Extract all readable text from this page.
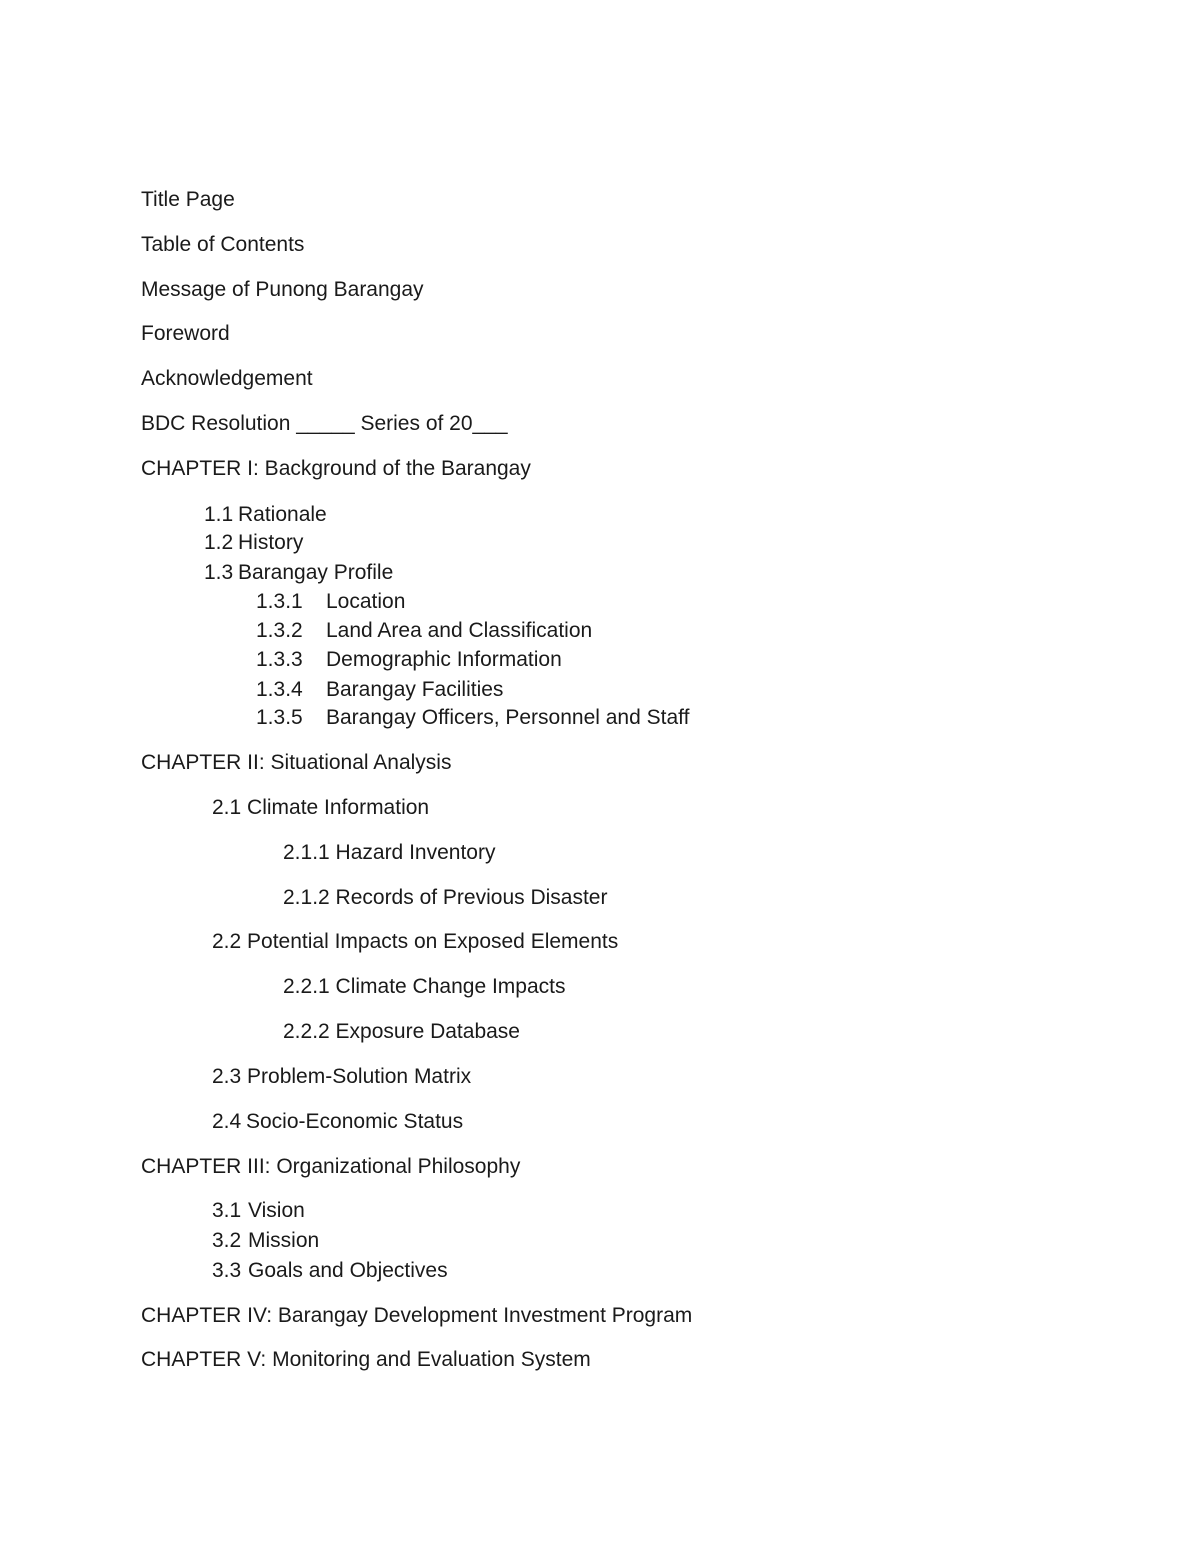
Title Page
Table of Contents
Message of Punong Barangay
Foreword
Acknowledgement
BDC Resolution _____ Series of 20___
CHAPTER I: Background of the Barangay
1.1 Rationale
1.2 History
1.3 Barangay Profile
1.3.1 Location
1.3.2 Land Area and Classification
1.3.3 Demographic Information
1.3.4 Barangay Facilities
1.3.5 Barangay Officers, Personnel and Staff
CHAPTER II: Situational Analysis
2.1 Climate Information
2.1.1 Hazard Inventory
2.1.2 Records of Previous Disaster
2.2 Potential Impacts on Exposed Elements
2.2.1 Climate Change Impacts
2.2.2 Exposure Database
2.3 Problem-Solution Matrix
2.4 Socio-Economic Status
CHAPTER III: Organizational Philosophy
3.1 Vision
3.2 Mission
3.3 Goals and Objectives
CHAPTER IV: Barangay Development Investment Program
CHAPTER V: Monitoring and Evaluation System
